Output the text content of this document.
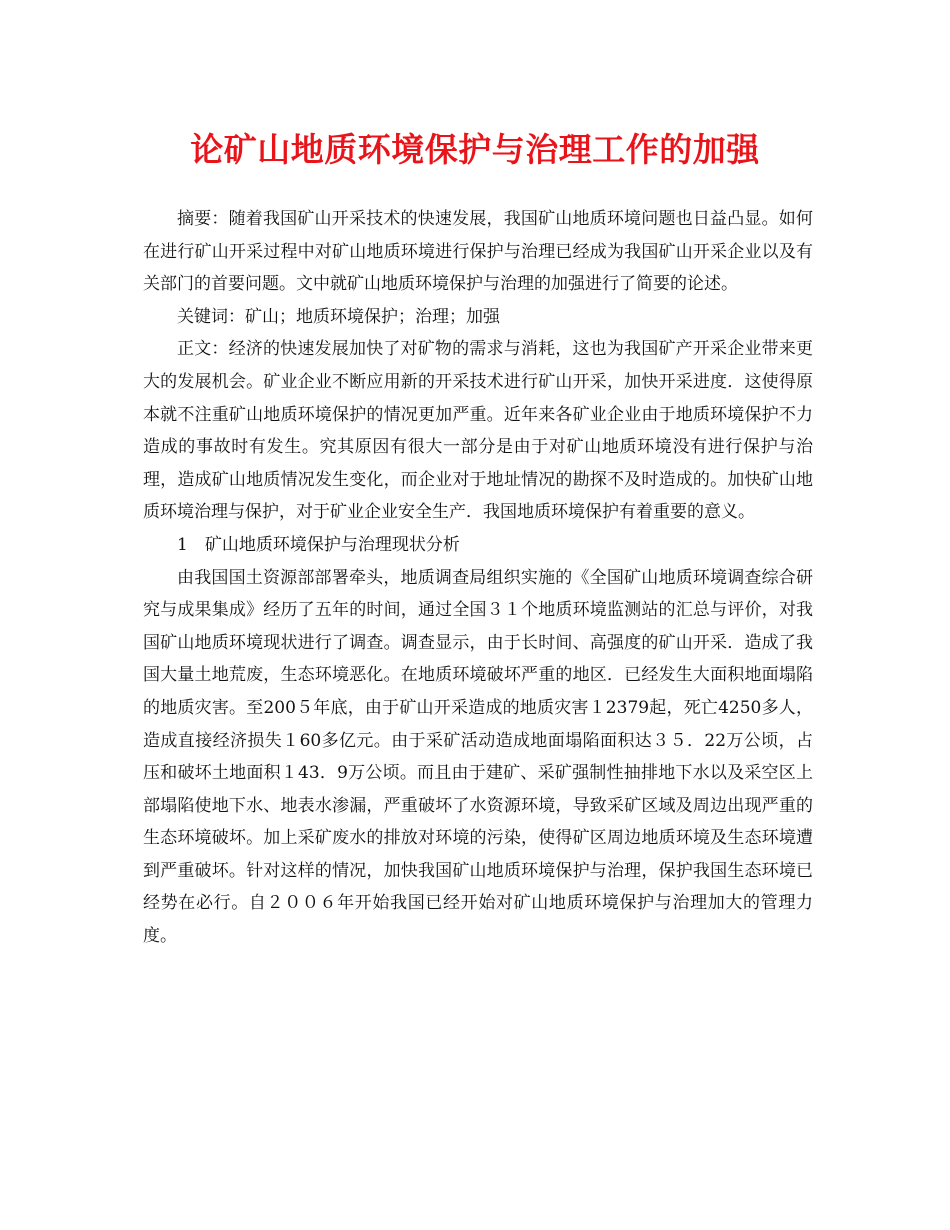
论矿山地质环境保护与治理工作的加强

摘要：随着我国矿山开采技术的快速发展，我国矿山地质环境问题也日益凸显。如何在进行矿山开采过程中对矿山地质环境进行保护与治理已经成为我国矿山开采企业以及有关部门的首要问题。文中就矿山地质环境保护与治理的加强进行了简要的论述。

关键词：矿山；地质环境保护；治理；加强

正文：经济的快速发展加快了对矿物的需求与消耗，这也为我国矿产开采企业带来更大的发展机会。矿业企业不断应用新的开采技术进行矿山开采，加快开采进度．这使得原本就不注重矿山地质环境保护的情况更加严重。近年来各矿业企业由于地质环境保护不力造成的事故时有发生。究其原因有很大一部分是由于对矿山地质环境没有进行保护与治理，造成矿山地质情况发生变化，而企业对于地址情况的勘探不及时造成的。加快矿山地质环境治理与保护，对于矿业企业安全生产．我国地质环境保护有着重要的意义。

1　矿山地质环境保护与治理现状分析

由我国国土资源部部署牵头，地质调查局组织实施的《全国矿山地质环境调查综合研究与成果集成》经历了五年的时间，通过全国３１个地质环境监测站的汇总与评价，对我国矿山地质环境现状进行了调查。调查显示，由于长时间、高强度的矿山开采．造成了我国大量土地荒废，生态环境恶化。在地质环境破坏严重的地区．已经发生大面积地面塌陷的地质灾害。至200５年底，由于矿山开采造成的地质灾害１2379起，死亡4250多人，造成直接经济损失１60多亿元。由于采矿活动造成地面塌陷面积达３５．22万公顷，占压和破坏土地面积１43．9万公顷。而且由于建矿、采矿强制性抽排地下水以及采空区上部塌陷使地下水、地表水渗漏，严重破坏了水资源环境，导致采矿区域及周边出现严重的生态环境破坏。加上采矿废水的排放对环境的污染，使得矿区周边地质环境及生态环境遭到严重破坏。针对这样的情况，加快我国矿山地质环境保护与治理，保护我国生态环境已经势在必行。自２００６年开始我国已经开始对矿山地质环境保护与治理加大的管理力度。
